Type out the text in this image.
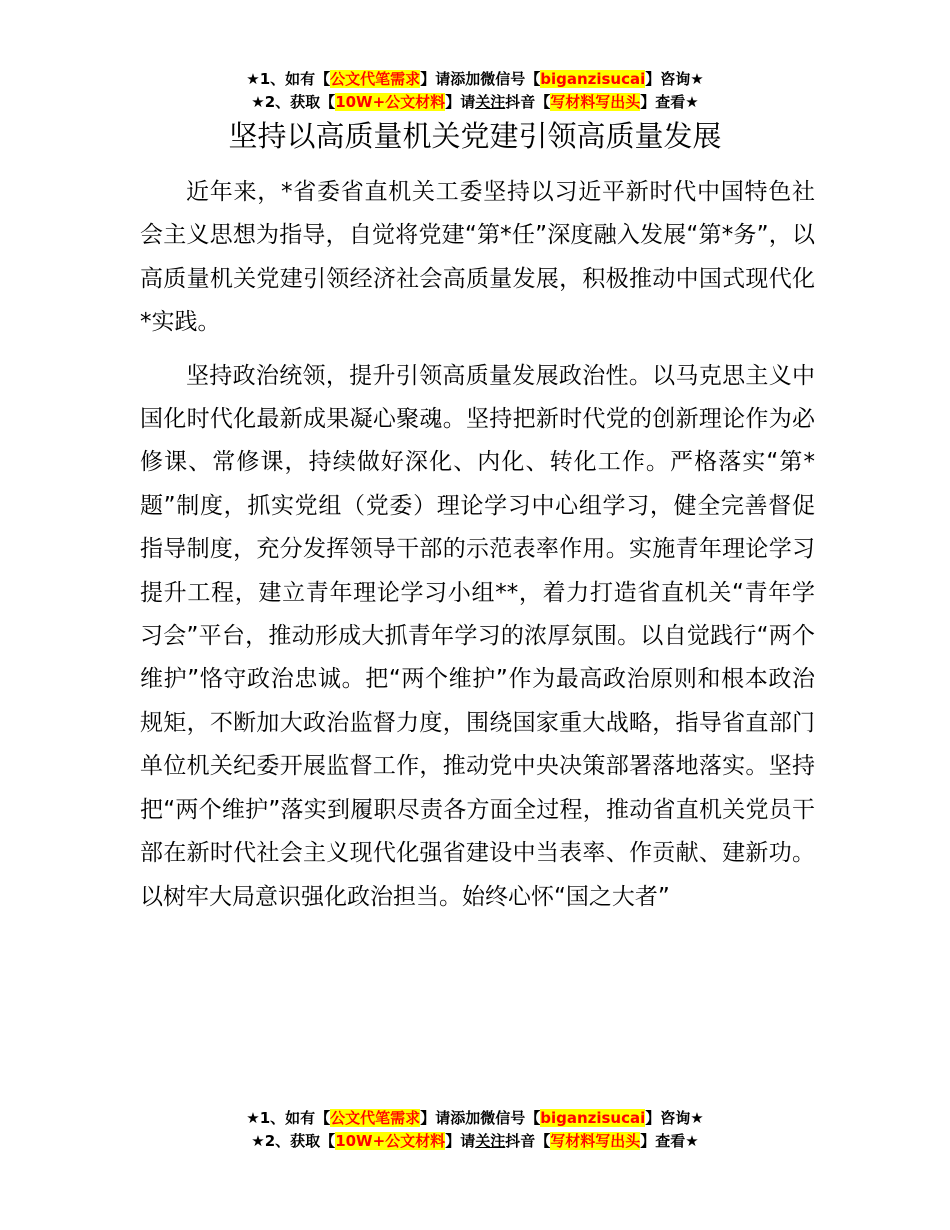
★1、如有【公文代笔需求】请添加微信号【biganzisucai】咨询★
★2、获取【10W+公文材料】请关注抖音【写材料写出头】查看★
坚持以高质量机关党建引领高质量发展

近年来，*省委省直机关工委坚持以习近平新时代中国特色社会主义思想为指导，自觉将党建“第*任”深度融入发展“第*务”，以高质量机关党建引领经济社会高质量发展，积极推动中国式现代化*实践。

坚持政治统领，提升引领高质量发展政治性。以马克思主义中国化时代化最新成果凝心聚魂。坚持把新时代党的创新理论作为必修课、常修课，持续做好深化、内化、转化工作。严格落实“第*题”制度，抓实党组（党委）理论学习中心组学习，健全完善督促指导制度，充分发挥领导干部的示范表率作用。实施青年理论学习提升工程，建立青年理论学习小组**，着力打造省直机关“青年学习会”平台，推动形成大抓青年学习的浓厚氛围。以自觉践行“两个维护”恪守政治忠诚。把“两个维护”作为最高政治原则和根本政治规矩，不断加大政治监督力度，围绕国家重大战略，指导省直部门单位机关纪委开展监督工作，推动党中央决策部署落地落实。坚持把“两个维护”落实到履职尽责各方面全过程，推动省直机关党员干部在新时代社会主义现代化强省建设中当表率、作贡献、建新功。以树牢大局意识强化政治担当。始终心怀“国之大者”

★1、如有【公文代笔需求】请添加微信号【biganzisucai】咨询★
★2、获取【10W+公文材料】请关注抖音【写材料写出头】查看★
